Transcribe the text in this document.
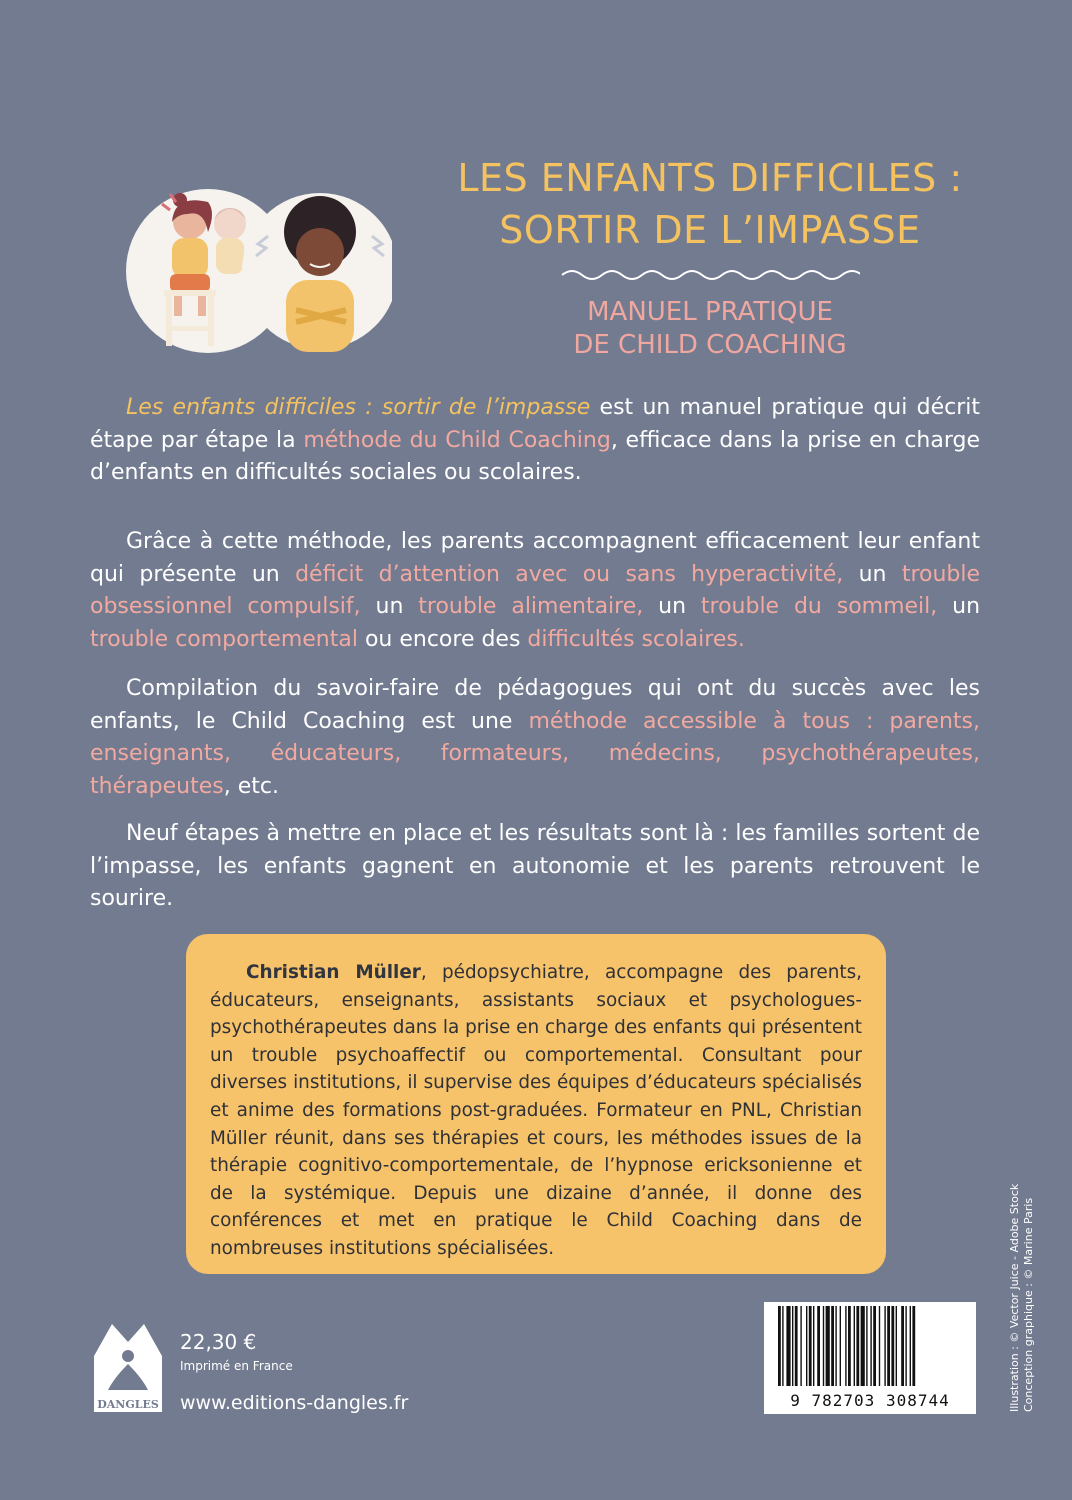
LES ENFANTS DIFFICILES :
SORTIR DE L’IMPASSE
MANUEL PRATIQUE
DE CHILD COACHING

Les enfants difficiles : sortir de l’impasse est un manuel pratique qui décrit étape par étape la méthode du Child Coaching, efficace dans la prise en charge d’enfants en difficultés sociales ou scolaires.

Grâce à cette méthode, les parents accompagnent efficacement leur enfant qui présente un déficit d’attention avec ou sans hyperactivité, un trouble obsessionnel compulsif, un trouble alimentaire, un trouble du sommeil, un trouble comportemental ou encore des difficultés scolaires.

Compilation du savoir-faire de pédagogues qui ont du succès avec les enfants, le Child Coaching est une méthode accessible à tous : parents, enseignants, éducateurs, formateurs, médecins, psychothérapeutes, thérapeutes, etc.

Neuf étapes à mettre en place et les résultats sont là : les familles sortent de l’impasse, les enfants gagnent en autonomie et les parents retrouvent le sourire.

Christian Müller, pédopsychiatre, accompagne des parents, éducateurs, enseignants, assistants sociaux et psychologues-psychothérapeutes dans la prise en charge des enfants qui présentent un trouble psychoaffectif ou comportemental. Consultant pour diverses institutions, il supervise des équipes d’éducateurs spécialisés et anime des formations post-graduées. Formateur en PNL, Christian Müller réunit, dans ses thérapies et cours, les méthodes issues de la thérapie cognitivo-comportementale, de l’hypnose ericksonienne et de la systémique. Depuis une dizaine d’année, il donne des conférences et met en pratique le Child Coaching dans de nombreuses institutions spécialisées.
DANGLES
22,30 €
Imprimé en France
www.editions-dangles.fr	9 782703 308744	Illustration : © Vector Juice - Adobe Stock Conception graphique : © Marine Paris
